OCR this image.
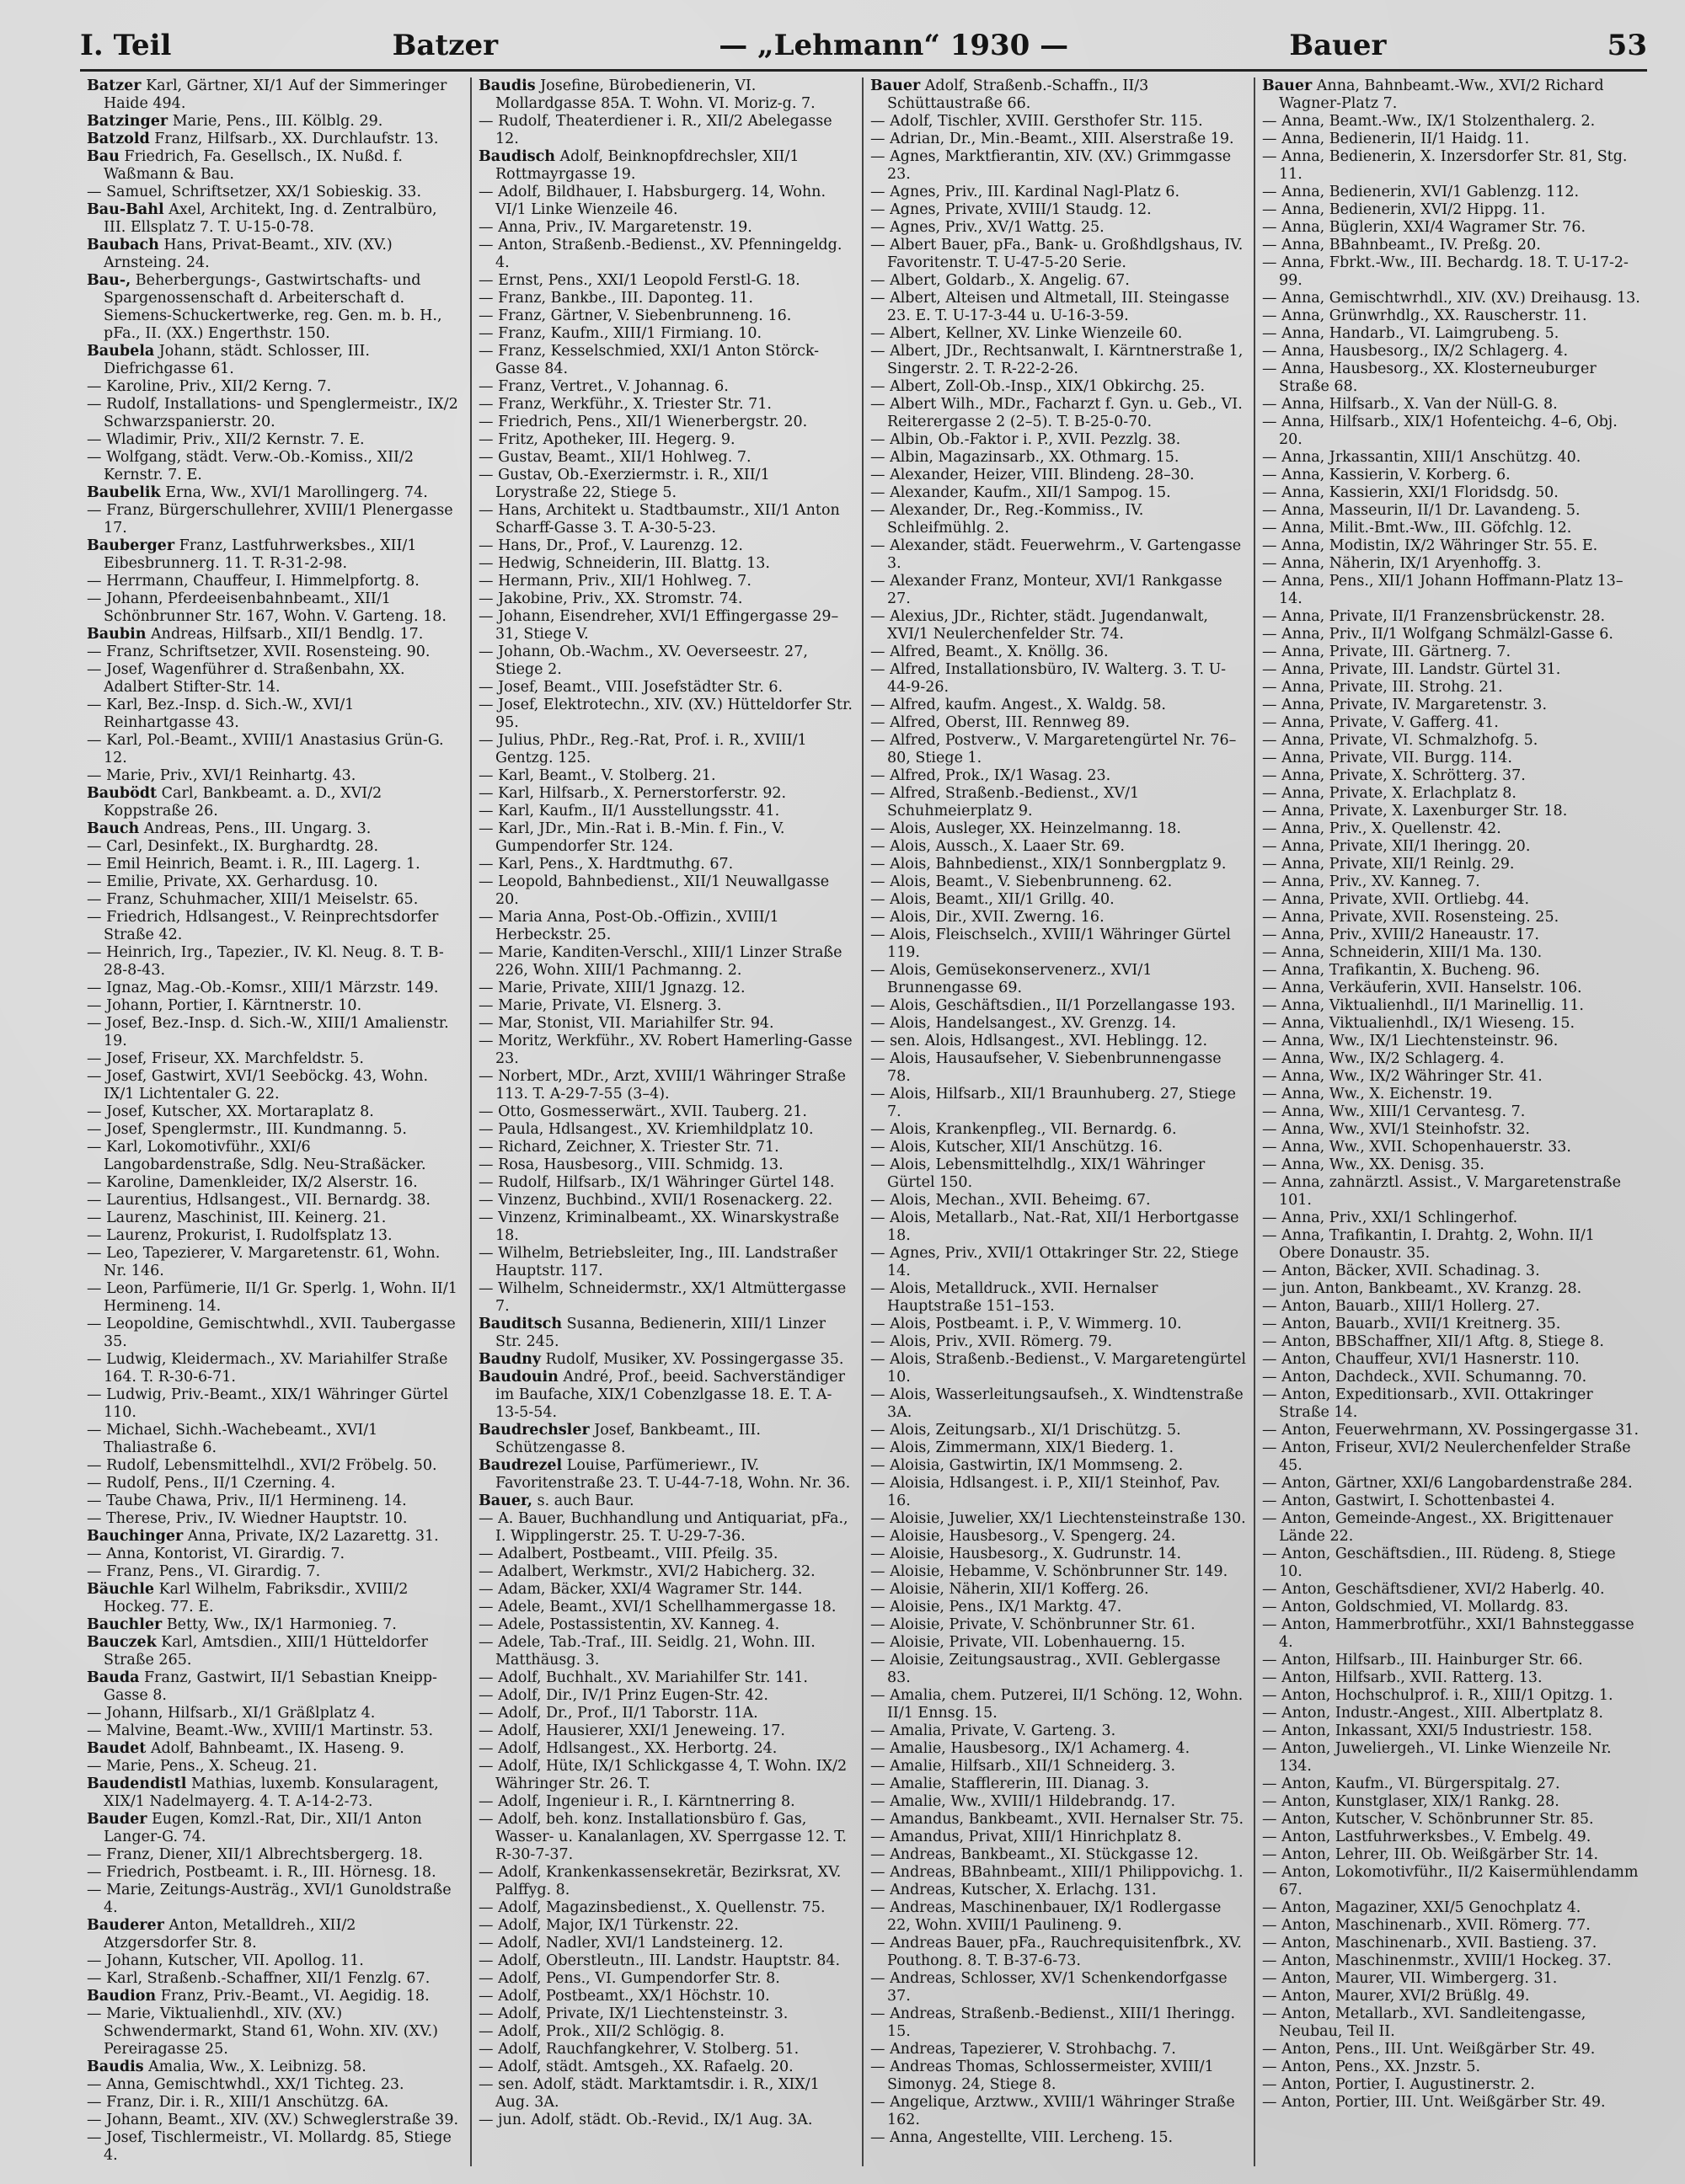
I. Teil	Batzer	— „Lehmann“ 1930 —	Bauer	53

Batzer Karl, Gärtner, XI/1 Auf der Simmeringer Haide 494.

Batzinger Marie, Pens., III. Kölblg. 29.

Batzold Franz, Hilfsarb., XX. Durchlaufstr. 13.

Bau Friedrich, Fa. Gesellsch., IX. Nußd. f. Waßmann & Bau.

— Samuel, Schriftsetzer, XX/1 Sobieskig. 33.

Bau-Bahl Axel, Architekt, Ing. d. Zentralbüro, III. Ellsplatz 7. T. U-15-0-78.

Baubach Hans, Privat-Beamt., XIV. (XV.) Arnsteing. 24.

Bau-, Beherbergungs-, Gastwirtschafts- und Spargenossenschaft d. Arbeiterschaft d. Siemens-Schuckertwerke, reg. Gen. m. b. H., pFa., II. (XX.) Engerthstr. 150.

Baubela Johann, städt. Schlosser, III. Diefrichgasse 61.

— Karoline, Priv., XII/2 Kerng. 7.

— Rudolf, Installations- und Spenglermeistr., IX/2 Schwarzspanierstr. 20.

— Wladimir, Priv., XII/2 Kernstr. 7. E.

— Wolfgang, städt. Verw.-Ob.-Komiss., XII/2 Kernstr. 7. E.

Baubelik Erna, Ww., XVI/1 Marollingerg. 74.

— Franz, Bürgerschullehrer, XVIII/1 Plenergasse 17.

Bauberger Franz, Lastfuhrwerksbes., XII/1 Eibesbrunnerg. 11. T. R-31-2-98.

— Herrmann, Chauffeur, I. Himmelpfortg. 8.

— Johann, Pferdeeisenbahnbeamt., XII/1 Schönbrunner Str. 167, Wohn. V. Garteng. 18.

Baubin Andreas, Hilfsarb., XII/1 Bendlg. 17.

— Franz, Schriftsetzer, XVII. Rosensteing. 90.

— Josef, Wagenführer d. Straßenbahn, XX. Adalbert Stifter-Str. 14.

— Karl, Bez.-Insp. d. Sich.-W., XVI/1 Reinhartgasse 43.

— Karl, Pol.-Beamt., XVIII/1 Anastasius Grün-G. 12.

— Marie, Priv., XVI/1 Reinhartg. 43.

Baubödt Carl, Bankbeamt. a. D., XVI/2 Koppstraße 26.

Bauch Andreas, Pens., III. Ungarg. 3.

— Carl, Desinfekt., IX. Burghardtg. 28.

— Emil Heinrich, Beamt. i. R., III. Lagerg. 1.

— Emilie, Private, XX. Gerhardusg. 10.

— Franz, Schuhmacher, XIII/1 Meiselstr. 65.

— Friedrich, Hdlsangest., V. Reinprechtsdorfer Straße 42.

— Heinrich, Irg., Tapezier., IV. Kl. Neug. 8. T. B-28-8-43.

— Ignaz, Mag.-Ob.-Komsr., XIII/1 Märzstr. 149.

— Johann, Portier, I. Kärntnerstr. 10.

— Josef, Bez.-Insp. d. Sich.-W., XIII/1 Amalienstr. 19.

— Josef, Friseur, XX. Marchfeldstr. 5.

— Josef, Gastwirt, XVI/1 Seeböckg. 43, Wohn. IX/1 Lichtentaler G. 22.

— Josef, Kutscher, XX. Mortaraplatz 8.

— Josef, Spenglermstr., III. Kundmanng. 5.

— Karl, Lokomotivführ., XXI/6 Langobardenstraße, Sdlg. Neu-Straßäcker.

— Karoline, Damenkleider, IX/2 Alserstr. 16.

— Laurentius, Hdlsangest., VII. Bernardg. 38.

— Laurenz, Maschinist, III. Keinerg. 21.

— Laurenz, Prokurist, I. Rudolfsplatz 13.

— Leo, Tapezierer, V. Margaretenstr. 61, Wohn. Nr. 146.

— Leon, Parfümerie, II/1 Gr. Sperlg. 1, Wohn. II/1 Hermineng. 14.

— Leopoldine, Gemischtwhdl., XVII. Taubergasse 35.

— Ludwig, Kleidermach., XV. Mariahilfer Straße 164. T. R-30-6-71.

— Ludwig, Priv.-Beamt., XIX/1 Währinger Gürtel 110.

— Michael, Sichh.-Wachebeamt., XVI/1 Thaliastraße 6.

— Rudolf, Lebensmittelhdl., XVI/2 Fröbelg. 50.

— Rudolf, Pens., II/1 Czerning. 4.

— Taube Chawa, Priv., II/1 Hermineng. 14.

— Therese, Priv., IV. Wiedner Hauptstr. 10.

Bauchinger Anna, Private, IX/2 Lazarettg. 31.

— Anna, Kontorist, VI. Girardig. 7.

— Franz, Pens., VI. Girardig. 7.

Bäuchle Karl Wilhelm, Fabriksdir., XVIII/2 Hockeg. 77. E.

Bauchler Betty, Ww., IX/1 Harmonieg. 7.

Bauczek Karl, Amtsdien., XIII/1 Hütteldorfer Straße 265.

Bauda Franz, Gastwirt, II/1 Sebastian Kneipp-Gasse 8.

— Johann, Hilfsarb., XI/1 Gräßlplatz 4.

— Malvine, Beamt.-Ww., XVIII/1 Martinstr. 53.

Baudet Adolf, Bahnbeamt., IX. Haseng. 9.

— Marie, Pens., X. Scheug. 21.

Baudendistl Mathias, luxemb. Konsularagent, XIX/1 Nadelmayerg. 4. T. A-14-2-73.

Bauder Eugen, Komzl.-Rat, Dir., XII/1 Anton Langer-G. 74.

— Franz, Diener, XII/1 Albrechtsbergerg. 18.

— Friedrich, Postbeamt. i. R., III. Hörnesg. 18.

— Marie, Zeitungs-Austräg., XVI/1 Gunoldstraße 4.

Bauderer Anton, Metalldreh., XII/2 Atzgersdorfer Str. 8.

— Johann, Kutscher, VII. Apollog. 11.

— Karl, Straßenb.-Schaffner, XII/1 Fenzlg. 67.

Baudion Franz, Priv.-Beamt., VI. Aegidig. 18.

— Marie, Viktualienhdl., XIV. (XV.) Schwendermarkt, Stand 61, Wohn. XIV. (XV.) Pereiragasse 25.

Baudis Amalia, Ww., X. Leibnizg. 58.

— Anna, Gemischtwhdl., XX/1 Tichteg. 23.

— Franz, Dir. i. R., XIII/1 Anschützg. 6A.

— Johann, Beamt., XIV. (XV.) Schweglerstraße 39.

— Josef, Tischlermeistr., VI. Mollardg. 85, Stiege 4.

Baudis Josefine, Bürobedienerin, VI. Mollardgasse 85A. T. Wohn. VI. Moriz-g. 7.

— Rudolf, Theaterdiener i. R., XII/2 Abelegasse 12.

Baudisch Adolf, Beinknopfdrechsler, XII/1 Rottmayrgasse 19.

— Adolf, Bildhauer, I. Habsburgerg. 14, Wohn. VI/1 Linke Wienzeile 46.

— Anna, Priv., IV. Margaretenstr. 19.

— Anton, Straßenb.-Bedienst., XV. Pfenningeldg. 4.

— Ernst, Pens., XXI/1 Leopold Ferstl-G. 18.

— Franz, Bankbe., III. Daponteg. 11.

— Franz, Gärtner, V. Siebenbrunneng. 16.

— Franz, Kaufm., XIII/1 Firmiang. 10.

— Franz, Kesselschmied, XXI/1 Anton Störck-Gasse 84.

— Franz, Vertret., V. Johannag. 6.

— Franz, Werkführ., X. Triester Str. 71.

— Friedrich, Pens., XII/1 Wienerbergstr. 20.

— Fritz, Apotheker, III. Hegerg. 9.

— Gustav, Beamt., XII/1 Hohlweg. 7.

— Gustav, Ob.-Exerziermstr. i. R., XII/1 Lorystraße 22, Stiege 5.

— Hans, Architekt u. Stadtbaumstr., XII/1 Anton Scharff-Gasse 3. T. A-30-5-23.

— Hans, Dr., Prof., V. Laurenzg. 12.

— Hedwig, Schneiderin, III. Blattg. 13.

— Hermann, Priv., XII/1 Hohlweg. 7.

— Jakobine, Priv., XX. Stromstr. 74.

— Johann, Eisendreher, XVI/1 Effingergasse 29–31, Stiege V.

— Johann, Ob.-Wachm., XV. Oeverseestr. 27, Stiege 2.

— Josef, Beamt., VIII. Josefstädter Str. 6.

— Josef, Elektrotechn., XIV. (XV.) Hütteldorfer Str. 95.

— Julius, PhDr., Reg.-Rat, Prof. i. R., XVIII/1 Gentzg. 125.

— Karl, Beamt., V. Stolberg. 21.

— Karl, Hilfsarb., X. Pernerstorferstr. 92.

— Karl, Kaufm., II/1 Ausstellungsstr. 41.

— Karl, JDr., Min.-Rat i. B.-Min. f. Fin., V. Gumpendorfer Str. 124.

— Karl, Pens., X. Hardtmuthg. 67.

— Leopold, Bahnbedienst., XII/1 Neuwallgasse 20.

— Maria Anna, Post-Ob.-Offizin., XVIII/1 Herbeckstr. 25.

— Marie, Kanditen-Verschl., XIII/1 Linzer Straße 226, Wohn. XIII/1 Pachmanng. 2.

— Marie, Private, XIII/1 Jgnazg. 12.

— Marie, Private, VI. Elsnerg. 3.

— Mar, Stonist, VII. Mariahilfer Str. 94.

— Moritz, Werkführ., XV. Robert Hamerling-Gasse 23.

— Norbert, MDr., Arzt, XVIII/1 Währinger Straße 113. T. A-29-7-55 (3–4).

— Otto, Gosmesserwärt., XVII. Tauberg. 21.

— Paula, Hdlsangest., XV. Kriemhildplatz 10.

— Richard, Zeichner, X. Triester Str. 71.

— Rosa, Hausbesorg., VIII. Schmidg. 13.

— Rudolf, Hilfsarb., IX/1 Währinger Gürtel 148.

— Vinzenz, Buchbind., XVII/1 Rosenackerg. 22.

— Vinzenz, Kriminalbeamt., XX. Winarskystraße 18.

— Wilhelm, Betriebsleiter, Ing., III. Landstraßer Hauptstr. 117.

— Wilhelm, Schneidermstr., XX/1 Altmüttergasse 7.

Bauditsch Susanna, Bedienerin, XIII/1 Linzer Str. 245.

Baudny Rudolf, Musiker, XV. Possingergasse 35.

Baudouin André, Prof., beeid. Sachverständiger im Baufache, XIX/1 Cobenzlgasse 18. E. T. A-13-5-54.

Baudrechsler Josef, Bankbeamt., III. Schützengasse 8.

Baudrezel Louise, Parfümeriewr., IV. Favoritenstraße 23. T. U-44-7-18, Wohn. Nr. 36.

Bauer, s. auch Baur.

— A. Bauer, Buchhandlung und Antiquariat, pFa., I. Wipplingerstr. 25. T. U-29-7-36.

— Adalbert, Postbeamt., VIII. Pfeilg. 35.

— Adalbert, Werkmstr., XVI/2 Habicherg. 32.

— Adam, Bäcker, XXI/4 Wagramer Str. 144.

— Adele, Beamt., XVI/1 Schellhammergasse 18.

— Adele, Postassistentin, XV. Kanneg. 4.

— Adele, Tab.-Traf., III. Seidlg. 21, Wohn. III. Matthäusg. 3.

— Adolf, Buchhalt., XV. Mariahilfer Str. 141.

— Adolf, Dir., IV/1 Prinz Eugen-Str. 42.

— Adolf, Dr., Prof., II/1 Taborstr. 11A.

— Adolf, Hausierer, XXI/1 Jeneweing. 17.

— Adolf, Hdlsangest., XX. Herbortg. 24.

— Adolf, Hüte, IX/1 Schlickgasse 4, T. Wohn. IX/2 Währinger Str. 26. T.

— Adolf, Ingenieur i. R., I. Kärntnerring 8.

— Adolf, beh. konz. Installationsbüro f. Gas, Wasser- u. Kanalanlagen, XV. Sperrgasse 12. T. R-30-7-37.

— Adolf, Krankenkassensekretär, Bezirksrat, XV. Palffyg. 8.

— Adolf, Magazinsbedienst., X. Quellenstr. 75.

— Adolf, Major, IX/1 Türkenstr. 22.

— Adolf, Nadler, XVI/1 Landsteinerg. 12.

— Adolf, Oberstleutn., III. Landstr. Hauptstr. 84.

— Adolf, Pens., VI. Gumpendorfer Str. 8.

— Adolf, Postbeamt., XX/1 Höchstr. 10.

— Adolf, Private, IX/1 Liechtensteinstr. 3.

— Adolf, Prok., XII/2 Schlögig. 8.

— Adolf, Rauchfangkehrer, V. Stolberg. 51.

— Adolf, städt. Amtsgeh., XX. Rafaelg. 20.

— sen. Adolf, städt. Marktamtsdir. i. R., XIX/1 Aug. 3A.

— jun. Adolf, städt. Ob.-Revid., IX/1 Aug. 3A.

Bauer Adolf, Straßenb.-Schaffn., II/3 Schüttaustraße 66.

— Adolf, Tischler, XVIII. Gersthofer Str. 115.

— Adrian, Dr., Min.-Beamt., XIII. Alserstraße 19.

— Agnes, Marktfierantin, XIV. (XV.) Grimmgasse 23.

— Agnes, Priv., III. Kardinal Nagl-Platz 6.

— Agnes, Private, XVIII/1 Staudg. 12.

— Agnes, Priv., XV/1 Wattg. 25.

— Albert Bauer, pFa., Bank- u. Großhdlgshaus, IV. Favoritenstr. T. U-47-5-20 Serie.

— Albert, Goldarb., X. Angelig. 67.

— Albert, Alteisen und Altmetall, III. Steingasse 23. E. T. U-17-3-44 u. U-16-3-59.

— Albert, Kellner, XV. Linke Wienzeile 60.

— Albert, JDr., Rechtsanwalt, I. Kärntnerstraße 1, Singerstr. 2. T. R-22-2-26.

— Albert, Zoll-Ob.-Insp., XIX/1 Obkirchg. 25.

— Albert Wilh., MDr., Facharzt f. Gyn. u. Geb., VI. Reiterergasse 2 (2–5). T. B-25-0-70.

— Albin, Ob.-Faktor i. P., XVII. Pezzlg. 38.

— Albin, Magazinsarb., XX. Othmarg. 15.

— Alexander, Heizer, VIII. Blindeng. 28–30.

— Alexander, Kaufm., XII/1 Sampog. 15.

— Alexander, Dr., Reg.-Kommiss., IV. Schleifmühlg. 2.

— Alexander, städt. Feuerwehrm., V. Gartengasse 3.

— Alexander Franz, Monteur, XVI/1 Rankgasse 27.

— Alexius, JDr., Richter, städt. Jugendanwalt, XVI/1 Neulerchenfelder Str. 74.

— Alfred, Beamt., X. Knöllg. 36.

— Alfred, Installationsbüro, IV. Walterg. 3. T. U-44-9-26.

— Alfred, kaufm. Angest., X. Waldg. 58.

— Alfred, Oberst, III. Rennweg 89.

— Alfred, Postverw., V. Margaretengürtel Nr. 76–80, Stiege 1.

— Alfred, Prok., IX/1 Wasag. 23.

— Alfred, Straßenb.-Bedienst., XV/1 Schuhmeierplatz 9.

— Alois, Ausleger, XX. Heinzelmanng. 18.

— Alois, Aussch., X. Laaer Str. 69.

— Alois, Bahnbedienst., XIX/1 Sonnbergplatz 9.

— Alois, Beamt., V. Siebenbrunneng. 62.

— Alois, Beamt., XII/1 Grillg. 40.

— Alois, Dir., XVII. Zwerng. 16.

— Alois, Fleischselch., XVIII/1 Währinger Gürtel 119.

— Alois, Gemüsekonservenerz., XVI/1 Brunnengasse 69.

— Alois, Geschäftsdien., II/1 Porzellangasse 193.

— Alois, Handelsangest., XV. Grenzg. 14.

— sen. Alois, Hdlsangest., XVI. Heblingg. 12.

— Alois, Hausaufseher, V. Siebenbrunnengasse 78.

— Alois, Hilfsarb., XII/1 Braunhuberg. 27, Stiege 7.

— Alois, Krankenpfleg., VII. Bernardg. 6.

— Alois, Kutscher, XII/1 Anschützg. 16.

— Alois, Lebensmittelhdlg., XIX/1 Währinger Gürtel 150.

— Alois, Mechan., XVII. Beheimg. 67.

— Alois, Metallarb., Nat.-Rat, XII/1 Herbortgasse 18.

— Agnes, Priv., XVII/1 Ottakringer Str. 22, Stiege 14.

— Alois, Metalldruck., XVII. Hernalser Hauptstraße 151–153.

— Alois, Postbeamt. i. P., V. Wimmerg. 10.

— Alois, Priv., XVII. Römerg. 79.

— Alois, Straßenb.-Bedienst., V. Margaretengürtel 10.

— Alois, Wasserleitungsaufseh., X. Windtenstraße 3A.

— Alois, Zeitungsarb., XI/1 Drischützg. 5.

— Alois, Zimmermann, XIX/1 Biederg. 1.

— Aloisia, Gastwirtin, IX/1 Mommseng. 2.

— Aloisia, Hdlsangest. i. P., XII/1 Steinhof, Pav. 16.

— Aloisie, Juwelier, XX/1 Liechtensteinstraße 130.

— Aloisie, Hausbesorg., V. Spengerg. 24.

— Aloisie, Hausbesorg., X. Gudrunstr. 14.

— Aloisie, Hebamme, V. Schönbrunner Str. 149.

— Aloisie, Näherin, XII/1 Kofferg. 26.

— Aloisie, Pens., IX/1 Marktg. 47.

— Aloisie, Private, V. Schönbrunner Str. 61.

— Aloisie, Private, VII. Lobenhauerng. 15.

— Aloisie, Zeitungsaustrag., XVII. Geblergasse 83.

— Amalia, chem. Putzerei, II/1 Schöng. 12, Wohn. II/1 Ennsg. 15.

— Amalia, Private, V. Garteng. 3.

— Amalie, Hausbesorg., IX/1 Achamerg. 4.

— Amalie, Hilfsarb., XII/1 Schneiderg. 3.

— Amalie, Stafflererin, III. Dianag. 3.

— Amalie, Ww., XVIII/1 Hildebrandg. 17.

— Amandus, Bankbeamt., XVII. Hernalser Str. 75.

— Amandus, Privat, XIII/1 Hinrichplatz 8.

— Andreas, Bankbeamt., XI. Stückgasse 12.

— Andreas, BBahnbeamt., XIII/1 Philippovichg. 1.

— Andreas, Kutscher, X. Erlachg. 131.

— Andreas, Maschinenbauer, IX/1 Rodlergasse 22, Wohn. XVIII/1 Paulineng. 9.

— Andreas Bauer, pFa., Rauchrequisitenfbrk., XV. Pouthong. 8. T. B-37-6-73.

— Andreas, Schlosser, XV/1 Schenkendorfgasse 37.

— Andreas, Straßenb.-Bedienst., XIII/1 Iheringg. 15.

— Andreas, Tapezierer, V. Strohbachg. 7.

— Andreas Thomas, Schlossermeister, XVIII/1 Simonyg. 24, Stiege 8.

— Angelique, Arztww., XVIII/1 Währinger Straße 162.

— Anna, Angestellte, VIII. Lercheng. 15.

Bauer Anna, Bahnbeamt.-Ww., XVI/2 Richard Wagner-Platz 7.

— Anna, Beamt.-Ww., IX/1 Stolzenthalerg. 2.

— Anna, Bedienerin, II/1 Haidg. 11.

— Anna, Bedienerin, X. Inzersdorfer Str. 81, Stg. 11.

— Anna, Bedienerin, XVI/1 Gablenzg. 112.

— Anna, Bedienerin, XVI/2 Hippg. 11.

— Anna, Büglerin, XXI/4 Wagramer Str. 76.

— Anna, BBahnbeamt., IV. Preßg. 20.

— Anna, Fbrkt.-Ww., III. Bechardg. 18. T. U-17-2-99.

— Anna, Gemischtwrhdl., XIV. (XV.) Dreihausg. 13.

— Anna, Grünwrhdlg., XX. Rauscherstr. 11.

— Anna, Handarb., VI. Laimgrubeng. 5.

— Anna, Hausbesorg., IX/2 Schlagerg. 4.

— Anna, Hausbesorg., XX. Klosterneuburger Straße 68.

— Anna, Hilfsarb., X. Van der Nüll-G. 8.

— Anna, Hilfsarb., XIX/1 Hofenteichg. 4–6, Obj. 20.

— Anna, Jrkassantin, XIII/1 Anschützg. 40.

— Anna, Kassierin, V. Korberg. 6.

— Anna, Kassierin, XXI/1 Floridsdg. 50.

— Anna, Masseurin, II/1 Dr. Lavandeng. 5.

— Anna, Milit.-Bmt.-Ww., III. Göfchlg. 12.

— Anna, Modistin, IX/2 Währinger Str. 55. E.

— Anna, Näherin, IX/1 Aryenhoffg. 3.

— Anna, Pens., XII/1 Johann Hoffmann-Platz 13–14.

— Anna, Private, II/1 Franzensbrückenstr. 28.

— Anna, Priv., II/1 Wolfgang Schmälzl-Gasse 6.

— Anna, Private, III. Gärtnerg. 7.

— Anna, Private, III. Landstr. Gürtel 31.

— Anna, Private, III. Strohg. 21.

— Anna, Private, IV. Margaretenstr. 3.

— Anna, Private, V. Gafferg. 41.

— Anna, Private, VI. Schmalzhofg. 5.

— Anna, Private, VII. Burgg. 114.

— Anna, Private, X. Schrötterg. 37.

— Anna, Private, X. Erlachplatz 8.

— Anna, Private, X. Laxenburger Str. 18.

— Anna, Priv., X. Quellenstr. 42.

— Anna, Private, XII/1 Iheringg. 20.

— Anna, Private, XII/1 Reinlg. 29.

— Anna, Priv., XV. Kanneg. 7.

— Anna, Private, XVII. Ortliebg. 44.

— Anna, Private, XVII. Rosensteing. 25.

— Anna, Priv., XVIII/2 Haneaustr. 17.

— Anna, Schneiderin, XIII/1 Ma. 130.

— Anna, Trafikantin, X. Bucheng. 96.

— Anna, Verkäuferin, XVII. Hanselstr. 106.

— Anna, Viktualienhdl., II/1 Marinellig. 11.

— Anna, Viktualienhdl., IX/1 Wieseng. 15.

— Anna, Ww., IX/1 Liechtensteinstr. 96.

— Anna, Ww., IX/2 Schlagerg. 4.

— Anna, Ww., IX/2 Währinger Str. 41.

— Anna, Ww., X. Eichenstr. 19.

— Anna, Ww., XIII/1 Cervantesg. 7.

— Anna, Ww., XVI/1 Steinhofstr. 32.

— Anna, Ww., XVII. Schopenhauerstr. 33.

— Anna, Ww., XX. Denisg. 35.

— Anna, zahnärztl. Assist., V. Margaretenstraße 101.

— Anna, Priv., XXI/1 Schlingerhof.

— Anna, Trafikantin, I. Drahtg. 2, Wohn. II/1 Obere Donaustr. 35.

— Anton, Bäcker, XVII. Schadinag. 3.

— jun. Anton, Bankbeamt., XV. Kranzg. 28.

— Anton, Bauarb., XIII/1 Hollerg. 27.

— Anton, Bauarb., XVII/1 Kreitnerg. 35.

— Anton, BBSchaffner, XII/1 Aftg. 8, Stiege 8.

— Anton, Chauffeur, XVI/1 Hasnerstr. 110.

— Anton, Dachdeck., XVII. Schumanng. 70.

— Anton, Expeditionsarb., XVII. Ottakringer Straße 14.

— Anton, Feuerwehrmann, XV. Possingergasse 31.

— Anton, Friseur, XVI/2 Neulerchenfelder Straße 45.

— Anton, Gärtner, XXI/6 Langobardenstraße 284.

— Anton, Gastwirt, I. Schottenbastei 4.

— Anton, Gemeinde-Angest., XX. Brigittenauer Lände 22.

— Anton, Geschäftsdien., III. Rüdeng. 8, Stiege 10.

— Anton, Geschäftsdiener, XVI/2 Haberlg. 40.

— Anton, Goldschmied, VI. Mollardg. 83.

— Anton, Hammerbrotführ., XXI/1 Bahnsteggasse 4.

— Anton, Hilfsarb., III. Hainburger Str. 66.

— Anton, Hilfsarb., XVII. Ratterg. 13.

— Anton, Hochschulprof. i. R., XIII/1 Opitzg. 1.

— Anton, Industr.-Angest., XIII. Albertplatz 8.

— Anton, Inkassant, XXI/5 Industriestr. 158.

— Anton, Juweliergeh., VI. Linke Wienzeile Nr. 134.

— Anton, Kaufm., VI. Bürgerspitalg. 27.

— Anton, Kunstglaser, XIX/1 Rankg. 28.

— Anton, Kutscher, V. Schönbrunner Str. 85.

— Anton, Lastfuhrwerksbes., V. Embelg. 49.

— Anton, Lehrer, III. Ob. Weißgärber Str. 14.

— Anton, Lokomotivführ., II/2 Kaisermühlendamm 67.

— Anton, Magaziner, XXI/5 Genochplatz 4.

— Anton, Maschinenarb., XVII. Römerg. 77.

— Anton, Maschinenarb., XVII. Bastieng. 37.

— Anton, Maschinenmstr., XVIII/1 Hockeg. 37.

— Anton, Maurer, VII. Wimbergerg. 31.

— Anton, Maurer, XVI/2 Brüßlg. 49.

— Anton, Metallarb., XVI. Sandleitengasse, Neubau, Teil II.

— Anton, Pens., III. Unt. Weißgärber Str. 49.

— Anton, Pens., XX. Jnzstr. 5.

— Anton, Portier, I. Augustinerstr. 2.

— Anton, Portier, III. Unt. Weißgärber Str. 49.
